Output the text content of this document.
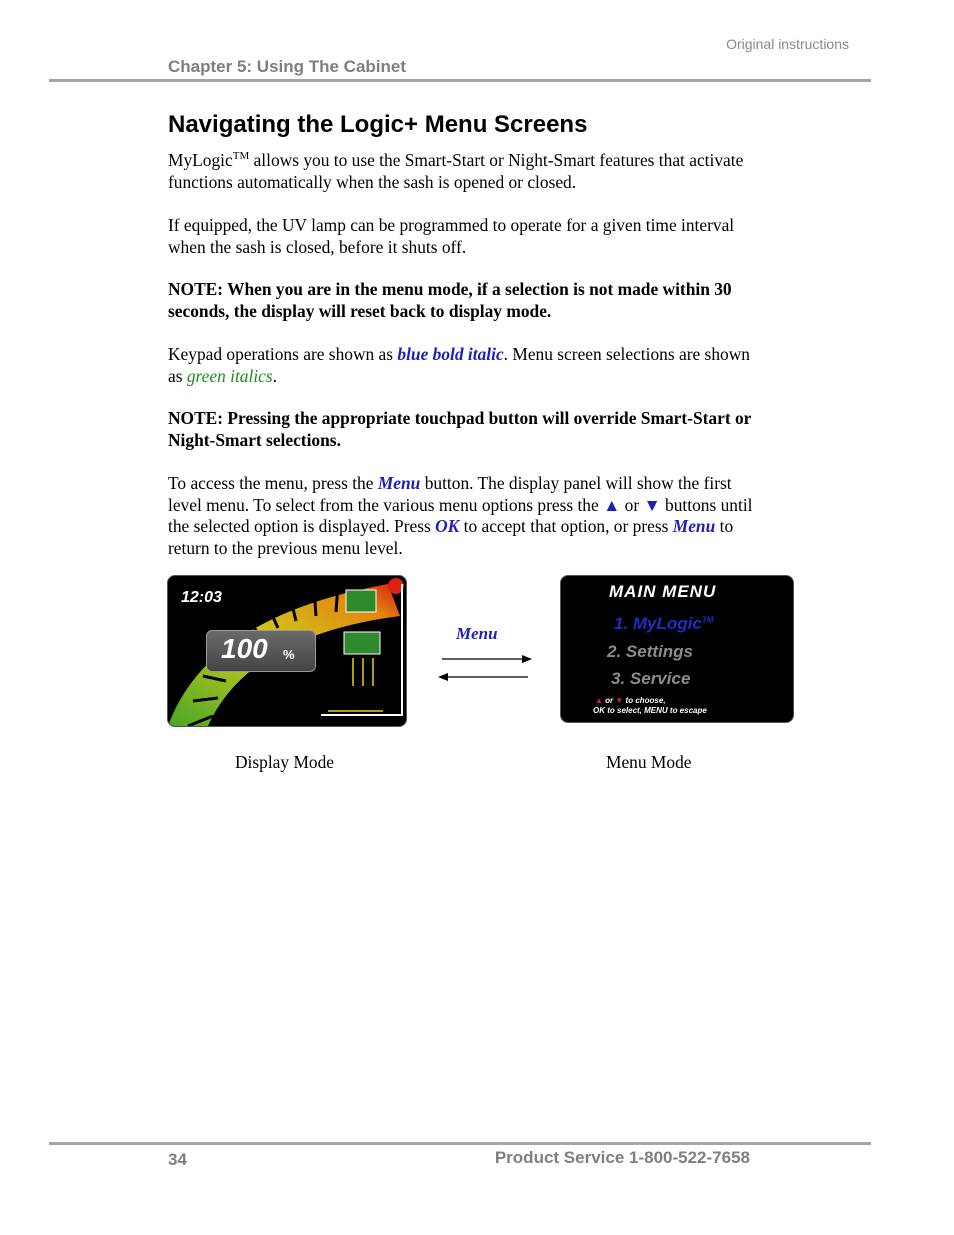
Original instructions
Chapter 5: Using The Cabinet
Navigating the Logic+ Menu Screens

MyLogic™ allows you to use the Smart-Start or Night-Smart features that activate functions automatically when the sash is opened or closed.

If equipped, the UV lamp can be programmed to operate for a given time interval when the sash is closed, before it shuts off.

NOTE: When you are in the menu mode, if a selection is not made within 30 seconds, the display will reset back to display mode.

Keypad operations are shown as blue bold italic. Menu screen selections are shown as green italics.

NOTE: Pressing the appropriate touchpad button will override Smart-Start or Night-Smart selections.

To access the menu, press the Menu button. The display panel will show the first level menu. To select from the various menu options press the ▲ or ▼ buttons until the selected option is displayed. Press OK to accept that option, or press Menu to return to the previous menu level.

12:03
100 %
Menu
MAIN MENU
1. MyLogic™
2. Settings
3. Service
▲ or ▼ to choose,
OK to select, MENU to escape
Display Mode	Menu Mode
34	Product Service 1-800-522-7658
